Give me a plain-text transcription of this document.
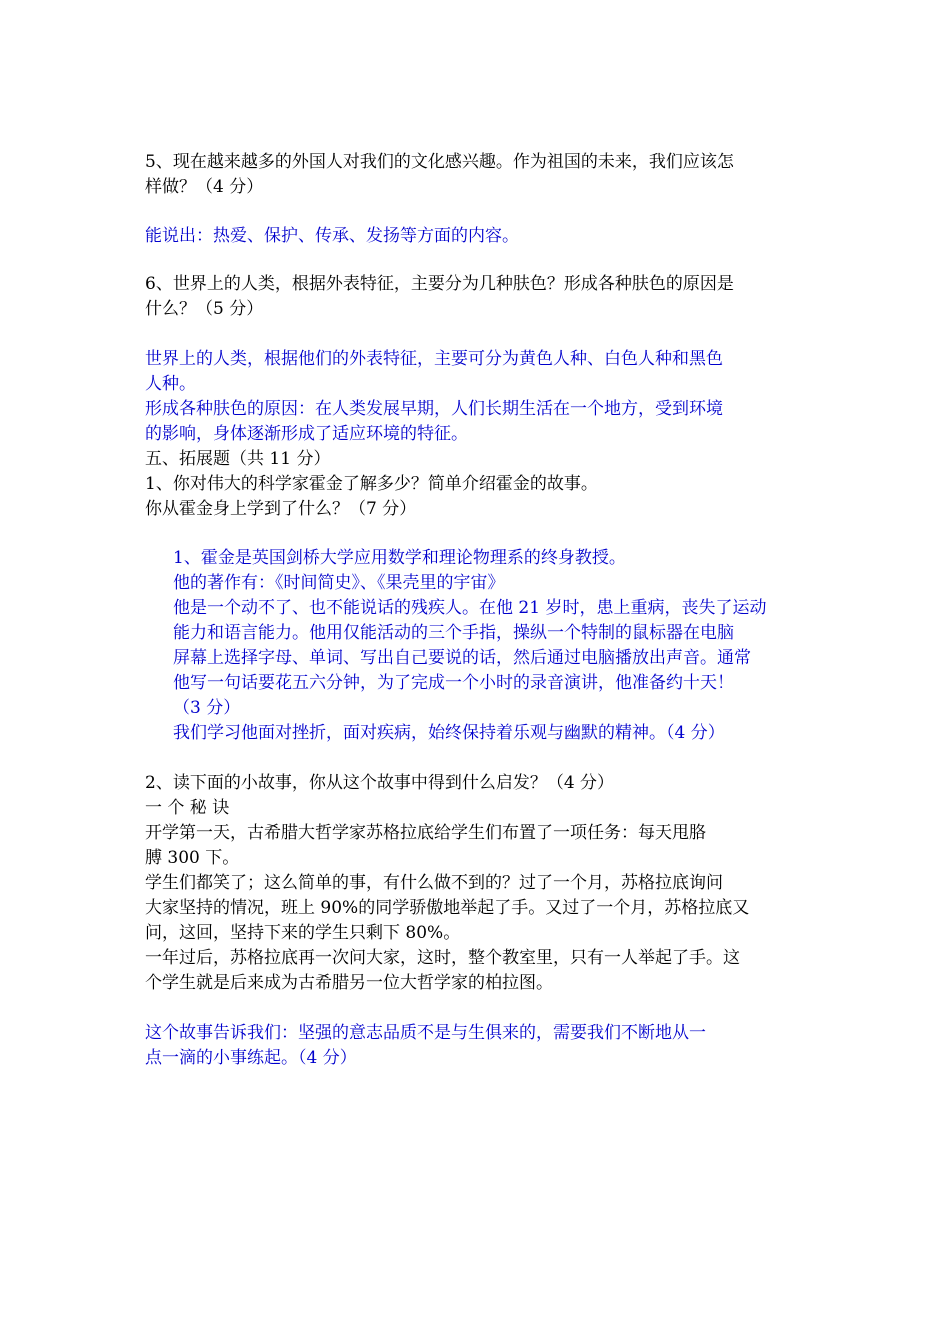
5、现在越来越多的外国人对我们的文化感兴趣。作为祖国的未来，我们应该怎

样做？（4 分）

能说出：热爱、保护、传承、发扬等方面的内容。

6、世界上的人类，根据外表特征，主要分为几种肤色？形成各种肤色的原因是

什么？（5 分）

世界上的人类，根据他们的外表特征，主要可分为黄色人种、白色人种和黑色

人种。

形成各种肤色的原因：在人类发展早期，人们长期生活在一个地方，受到环境

的影响，身体逐渐形成了适应环境的特征。

五、拓展题（共 11 分）

1、你对伟大的科学家霍金了解多少？简单介绍霍金的故事。

你从霍金身上学到了什么？（7 分）

1、霍金是英国剑桥大学应用数学和理论物理系的终身教授。

他的著作有：《时间简史》、《果壳里的宇宙》

他是一个动不了、也不能说话的残疾人。在他 21 岁时，患上重病，丧失了运动

能力和语言能力。他用仅能活动的三个手指，操纵一个特制的鼠标器在电脑

屏幕上选择字母、单词、写出自己要说的话，然后通过电脑播放出声音。通常

他写一句话要花五六分钟，为了完成一个小时的录音演讲，他准备约十天！

（3 分）

我们学习他面对挫折，面对疾病，始终保持着乐观与幽默的精神。（4 分）

2、读下面的小故事，你从这个故事中得到什么启发？（4 分）

一 个 秘 诀

开学第一天，古希腊大哲学家苏格拉底给学生们布置了一项任务：每天甩胳

膊 300 下。

学生们都笑了；这么简单的事，有什么做不到的？过了一个月，苏格拉底询问

大家坚持的情况，班上 90%的同学骄傲地举起了手。又过了一个月，苏格拉底又

问，这回，坚持下来的学生只剩下 80%。

一年过后，苏格拉底再一次问大家，这时，整个教室里，只有一人举起了手。这

个学生就是后来成为古希腊另一位大哲学家的柏拉图。

这个故事告诉我们：坚强的意志品质不是与生俱来的，需要我们不断地从一

点一滴的小事练起。（4 分）
